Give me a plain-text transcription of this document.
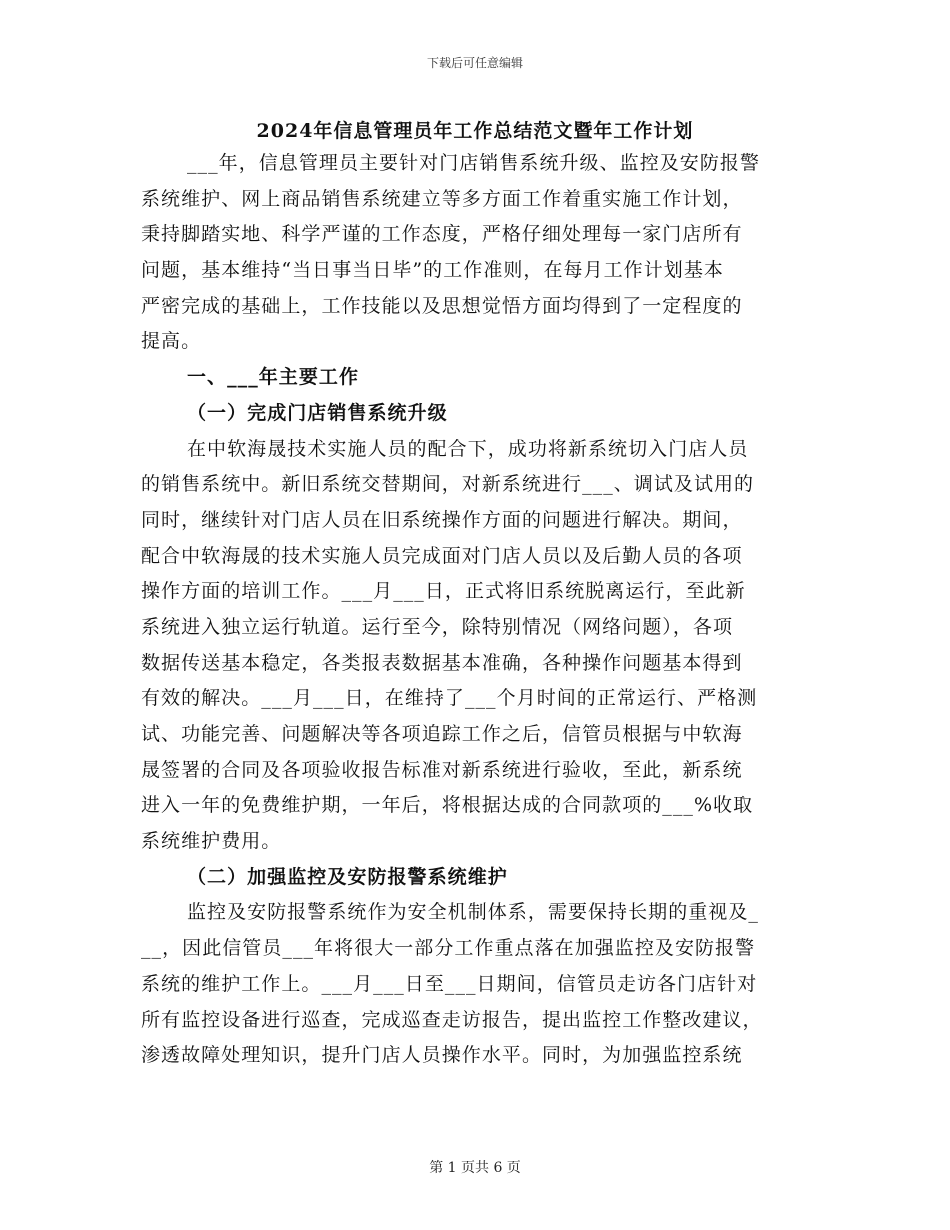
下载后可任意编辑
2024年信息管理员年工作总结范文暨年工作计划
___年，信息管理员主要针对门店销售系统升级、监控及安防报警
系统维护、网上商品销售系统建立等多方面工作着重实施工作计划，
秉持脚踏实地、科学严谨的工作态度，严格仔细处理每一家门店所有
问题，基本维持“当日事当日毕”的工作准则，在每月工作计划基本
严密完成的基础上，工作技能以及思想觉悟方面均得到了一定程度的
提高。
一、___年主要工作
（一）完成门店销售系统升级
在中软海晟技术实施人员的配合下，成功将新系统切入门店人员
的销售系统中。新旧系统交替期间，对新系统进行___、调试及试用的
同时，继续针对门店人员在旧系统操作方面的问题进行解决。期间，
配合中软海晟的技术实施人员完成面对门店人员以及后勤人员的各项
操作方面的培训工作。___月___日，正式将旧系统脱离运行，至此新
系统进入独立运行轨道。运行至今，除特别情况（网络问题），各项
数据传送基本稳定，各类报表数据基本准确，各种操作问题基本得到
有效的解决。___月___日，在维持了___个月时间的正常运行、严格测
试、功能完善、问题解决等各项追踪工作之后，信管员根据与中软海
晟签署的合同及各项验收报告标准对新系统进行验收，至此，新系统
进入一年的免费维护期，一年后，将根据达成的合同款项的___%收取
系统维护费用。
（二）加强监控及安防报警系统维护
监控及安防报警系统作为安全机制体系，需要保持长期的重视及_
__，因此信管员___年将很大一部分工作重点落在加强监控及安防报警
系统的维护工作上。___月___日至___日期间，信管员走访各门店针对
所有监控设备进行巡查，完成巡查走访报告，提出监控工作整改建议，
渗透故障处理知识，提升门店人员操作水平。同时，为加强监控系统
第 1 页共 6 页
